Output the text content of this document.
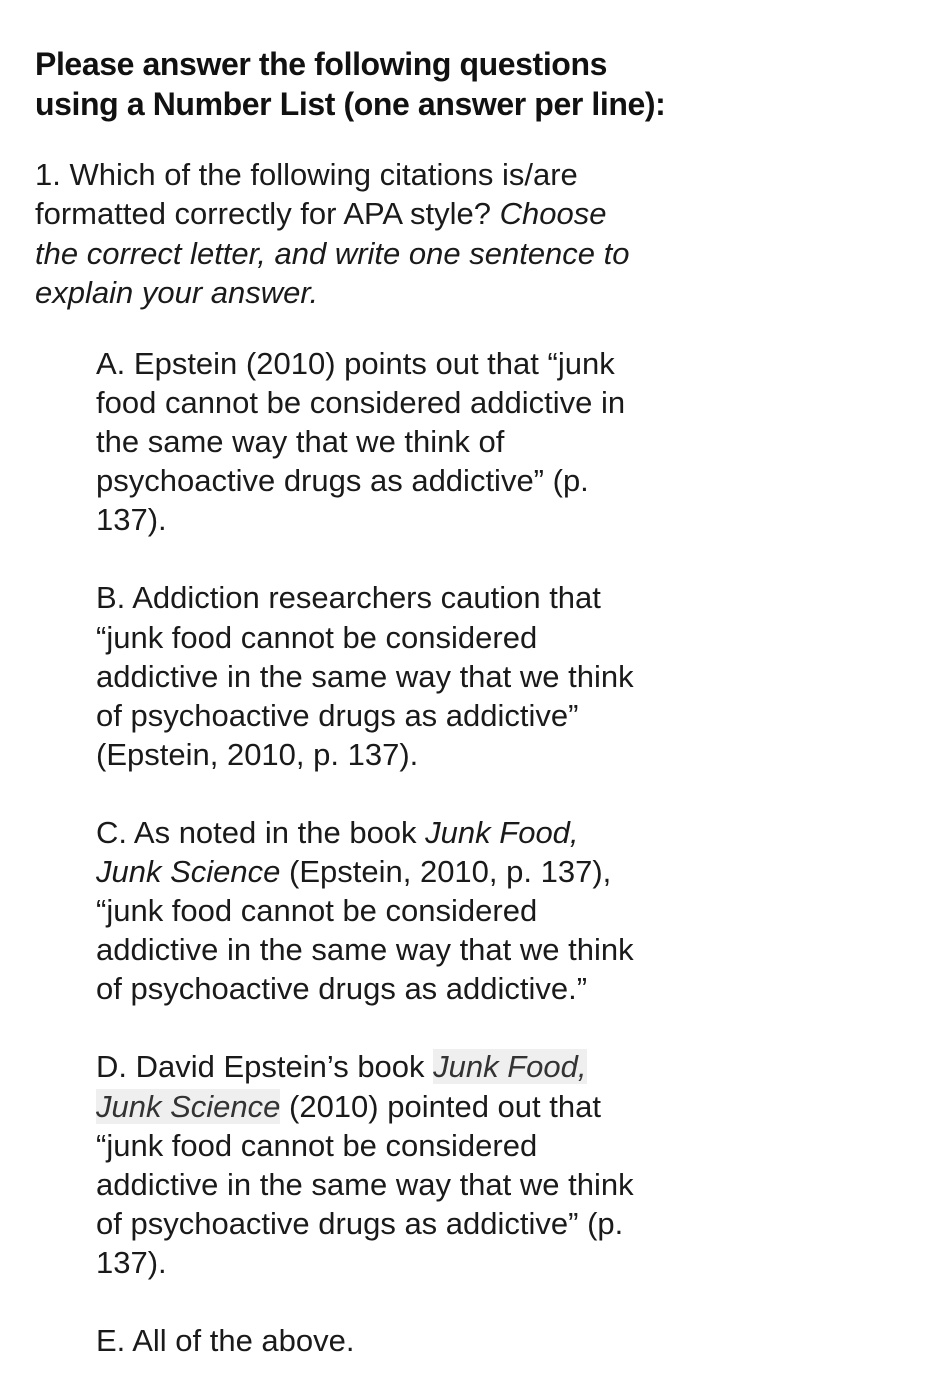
Please answer the following questions
using a Number List (one answer per line):
1. Which of the following citations is/are
formatted correctly for APA style? Choose
the correct letter, and write one sentence to
explain your answer.
A. Epstein (2010) points out that “junk
food cannot be considered addictive in
the same way that we think of
psychoactive drugs as addictive” (p.
137).
B. Addiction researchers caution that
“junk food cannot be considered
addictive in the same way that we think
of psychoactive drugs as addictive”
(Epstein, 2010, p. 137).
C. As noted in the book Junk Food,
Junk Science (Epstein, 2010, p. 137),
“junk food cannot be considered
addictive in the same way that we think
of psychoactive drugs as addictive.”
D. David Epstein’s book Junk Food,
Junk Science (2010) pointed out that
“junk food cannot be considered
addictive in the same way that we think
of psychoactive drugs as addictive” (p.
137).
E. All of the above.
